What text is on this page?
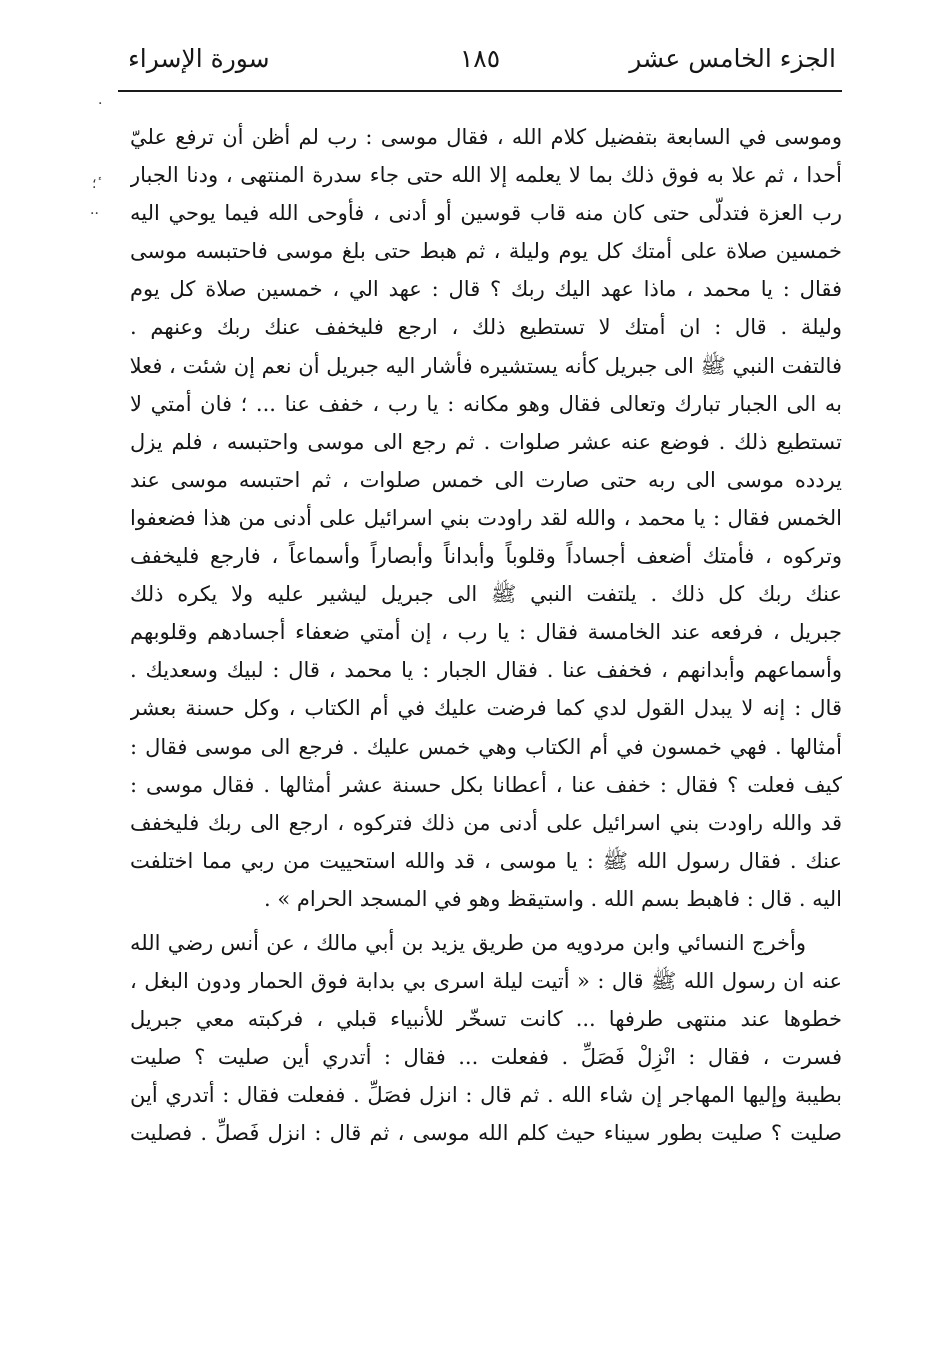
الجزء الخامس عشر
١٨٥
سورة الإسراء
·
؛ ٔ
··
وموسى في السابعة بتفضيل كلام الله ، فقال موسى : رب لم أظن أن ترفع عليّ
أحدا ، ثم علا به فوق ذلك بما لا يعلمه إلا الله حتى جاء سدرة المنتهى ، ودنا الجبار
رب العزة فتدلّى حتى كان منه قاب قوسين أو أدنى ، فأوحى الله فيما يوحي اليه
خمسين صلاة على أمتك كل يوم وليلة ، ثم هبط حتى بلغ موسى فاحتبسه موسى
فقال : يا محمد ، ماذا عهد اليك ربك ؟ قال : عهد الي ، خمسين صلاة كل يوم
وليلة . قال : ان أمتك لا تستطيع ذلك ، ارجع فليخفف عنك ربك وعنهم .
فالتفت النبي ﷺ الى جبريل كأنه يستشيره فأشار اليه جبريل أن نعم إن شئت ، فعلا
به الى الجبار تبارك وتعالى فقال وهو مكانه : يا رب ، خفف عنا ... ؛ فان أمتي لا
تستطيع ذلك . فوضع عنه عشر صلوات . ثم رجع الى موسى واحتبسه ، فلم يزل
يردده موسى الى ربه حتى صارت الى خمس صلوات ، ثم احتبسه موسى عند
الخمس فقال : يا محمد ، والله لقد راودت بني اسرائيل على أدنى من هذا فضعفوا
وتركوه ، فأمتك أضعف أجساداً وقلوباً وأبداناً وأبصاراً وأسماعاً ، فارجع فليخفف
عنك ربك كل ذلك . يلتفت النبي ﷺ الى جبريل ليشير عليه ولا يكره ذلك
جبريل ، فرفعه عند الخامسة فقال : يا رب ، إن أمتي ضعفاء أجسادهم وقلوبهم
وأسماعهم وأبدانهم ، فخفف عنا . فقال الجبار : يا محمد ، قال : لبيك وسعديك .
قال : إنه لا يبدل القول لدي كما فرضت عليك في أم الكتاب ، وكل حسنة بعشر
أمثالها . فهي خمسون في أم الكتاب وهي خمس عليك . فرجع الى موسى فقال :
كيف فعلت ؟ فقال : خفف عنا ، أعطانا بكل حسنة عشر أمثالها . فقال موسى :
قد والله راودت بني اسرائيل على أدنى من ذلك فتركوه ، ارجع الى ربك فليخفف
عنك . فقال رسول الله ﷺ : يا موسى ، قد والله استحييت من ربي مما اختلفت
اليه . قال : فاهبط بسم الله . واستيقظ وهو في المسجد الحرام » .
وأخرج النسائي وابن مردويه من طريق يزيد بن أبي مالك ، عن أنس رضي الله
عنه ان رسول الله ﷺ قال : « أتيت ليلة اسرى بي بدابة فوق الحمار ودون البغل ،
خطوها عند منتهى طرفها ... كانت تسخّر للأنبياء قبلي ، فركبته معي جبريل
فسرت ، فقال : انْزِلْ فَصَلِّ . ففعلت ... فقال : أتدري أين صليت ؟ صليت
بطيبة وإليها المهاجر إن شاء الله . ثم قال : انزل فصَلِّ . ففعلت فقال : أتدري أين
صليت ؟ صليت بطور سيناء حيث كلم الله موسى ، ثم قال : انزل فَصلِّ . فصليت
